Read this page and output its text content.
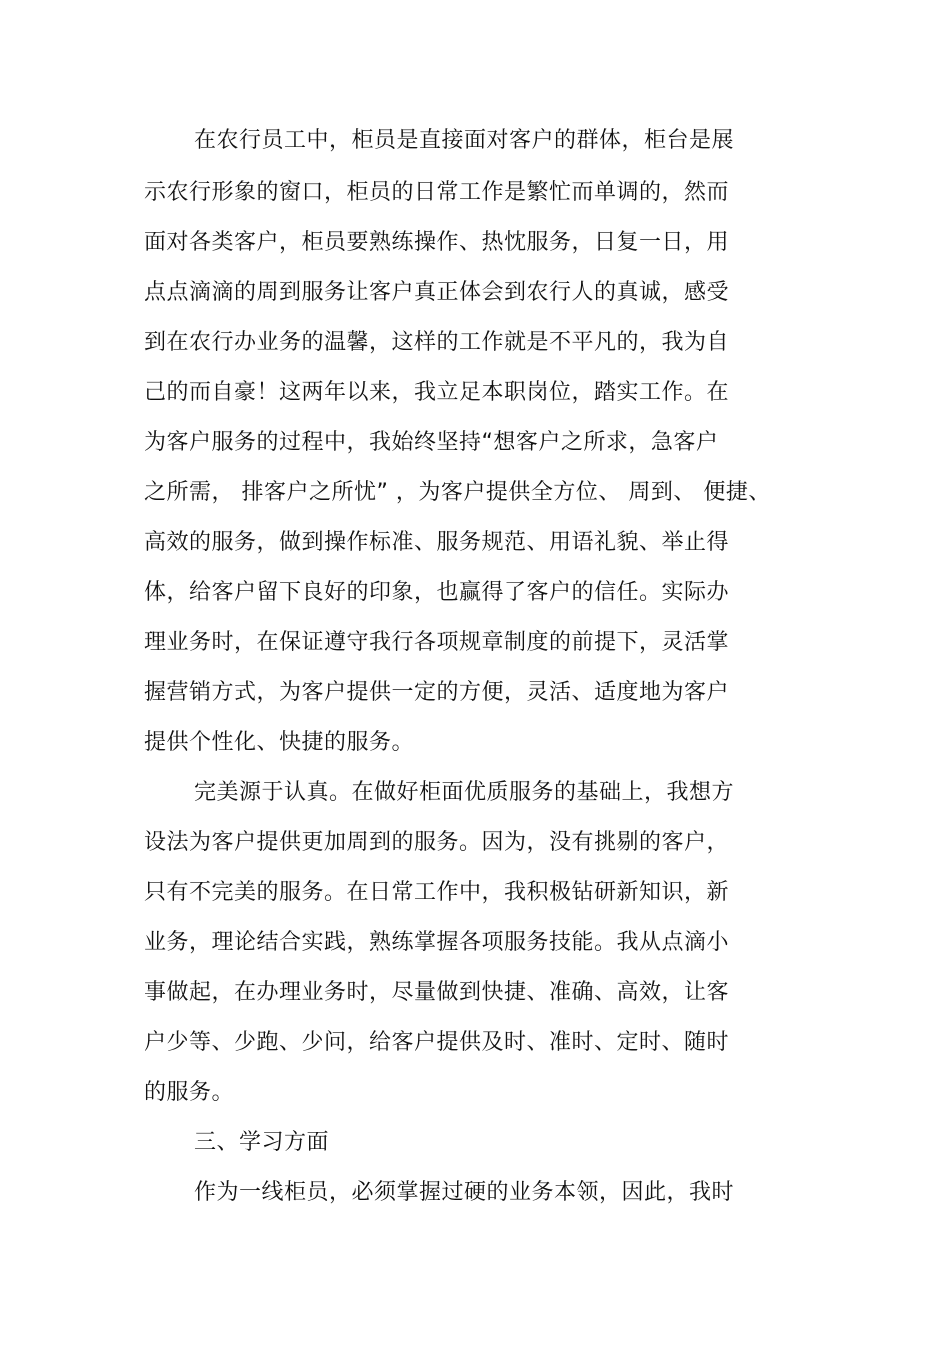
在农行员工中，柜员是直接面对客户的群体，柜台是展
示农行形象的窗口，柜员的日常工作是繁忙而单调的，然而
面对各类客户，柜员要熟练操作、热忱服务，日复一日，用
点点滴滴的周到服务让客户真正体会到农行人的真诚，感受
到在农行办业务的温馨，这样的工作就是不平凡的，我为自
己的而自豪！这两年以来，我立足本职岗位，踏实工作。在
为客户服务的过程中，我始终坚持“想客户之所求，急客户
之所需， 排客户之所忧” ，为客户提供全方位、 周到、 便捷、
高效的服务，做到操作标准、服务规范、用语礼貌、举止得
体，给客户留下良好的印象，也赢得了客户的信任。实际办
理业务时，在保证遵守我行各项规章制度的前提下，灵活掌
握营销方式，为客户提供一定的方便，灵活、适度地为客户
提供个性化、快捷的服务。
完美源于认真。在做好柜面优质服务的基础上，我想方
设法为客户提供更加周到的服务。因为，没有挑剔的客户，
只有不完美的服务。在日常工作中，我积极钻研新知识，新
业务，理论结合实践，熟练掌握各项服务技能。我从点滴小
事做起，在办理业务时，尽量做到快捷、准确、高效，让客
户少等、少跑、少问，给客户提供及时、准时、定时、随时
的服务。
三、学习方面
作为一线柜员，必须掌握过硬的业务本领，因此，我时
